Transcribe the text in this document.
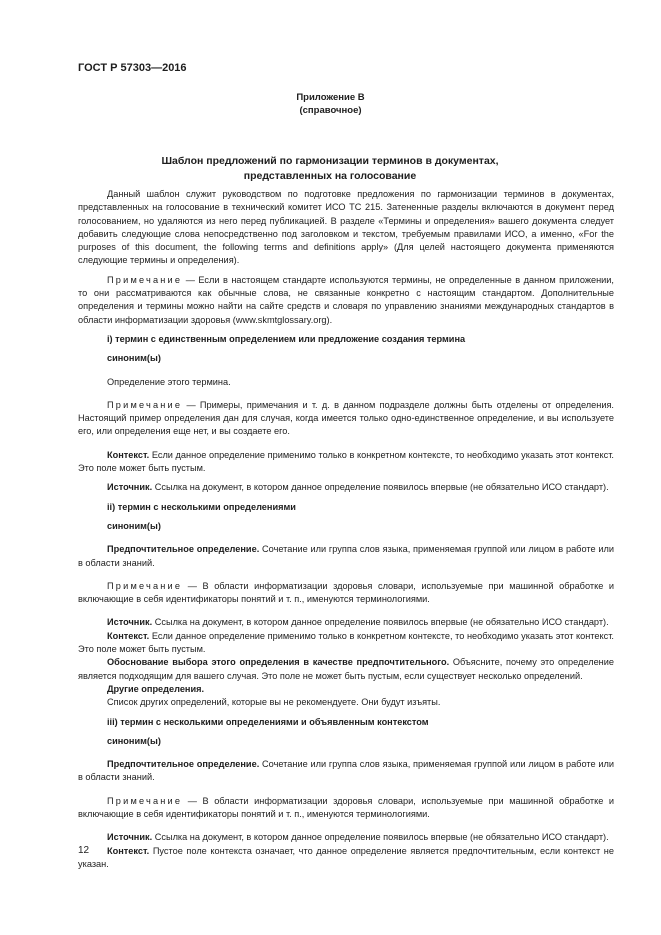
ГОСТ Р 57303—2016
Приложение В
(справочное)
Шаблон предложений по гармонизации терминов в документах,
представленных на голосование

Данный шаблон служит руководством по подготовке предложения по гармонизации терминов в документах, представленных на голосование в технический комитет ИСО ТС 215. Затененные разделы включаются в документ перед голосованием, но удаляются из него перед публикацией. В разделе «Термины и определения» вашего документа следует добавить следующие слова непосредственно под заголовком и текстом, требуемым правилами ИСО, а именно, «For the purposes of this document, the following terms and definitions apply» (Для целей настоящего документа применяются следующие термины и определения).

Примечание — Если в настоящем стандарте используются термины, не определенные в данном приложении, то они рассматриваются как обычные слова, не связанные конкретно с настоящим стандартом. Дополнительные определения и термины можно найти на сайте средств и словаря по управлению знаниями международных стандартов в области информатизации здоровья (www.skmtglossary.org).

i) термин с единственным определением или предложение создания термина

синоним(ы)

Определение этого термина.

Примечание — Примеры, примечания и т. д. в данном подразделе должны быть отделены от определения. Настоящий пример определения дан для случая, когда имеется только одно-единственное определение, и вы используете его, или определения еще нет, и вы создаете его.

Контекст. Если данное определение применимо только в конкретном контексте, то необходимо указать этот контекст. Это поле может быть пустым.

Источник. Ссылка на документ, в котором данное определение появилось впервые (не обязательно ИСО стандарт).

ii) термин с несколькими определениями

синоним(ы)

Предпочтительное определение. Сочетание или группа слов языка, применяемая группой или лицом в работе или в области знаний.

Примечание — В области информатизации здоровья словари, используемые при машинной обработке и включающие в себя идентификаторы понятий и т. п., именуются терминологиями.

Источник. Ссылка на документ, в котором данное определение появилось впервые (не обязательно ИСО стандарт).

Контекст. Если данное определение применимо только в конкретном контексте, то необходимо указать этот контекст. Это поле может быть пустым.

Обоснование выбора этого определения в качестве предпочтительного. Объясните, почему это определение является подходящим для вашего случая. Это поле не может быть пустым, если существует несколько определений.

Другие определения.

Список других определений, которые вы не рекомендуете. Они будут изъяты.

iii) термин с несколькими определениями и объявленным контекстом

синоним(ы)

Предпочтительное определение. Сочетание или группа слов языка, применяемая группой или лицом в работе или в области знаний.

Примечание — В области информатизации здоровья словари, используемые при машинной обработке и включающие в себя идентификаторы понятий и т. п., именуются терминологиями.

Источник. Ссылка на документ, в котором данное определение появилось впервые (не обязательно ИСО стандарт).

Контекст. Пустое поле контекста означает, что данное определение является предпочтительным, если контекст не указан.

12
